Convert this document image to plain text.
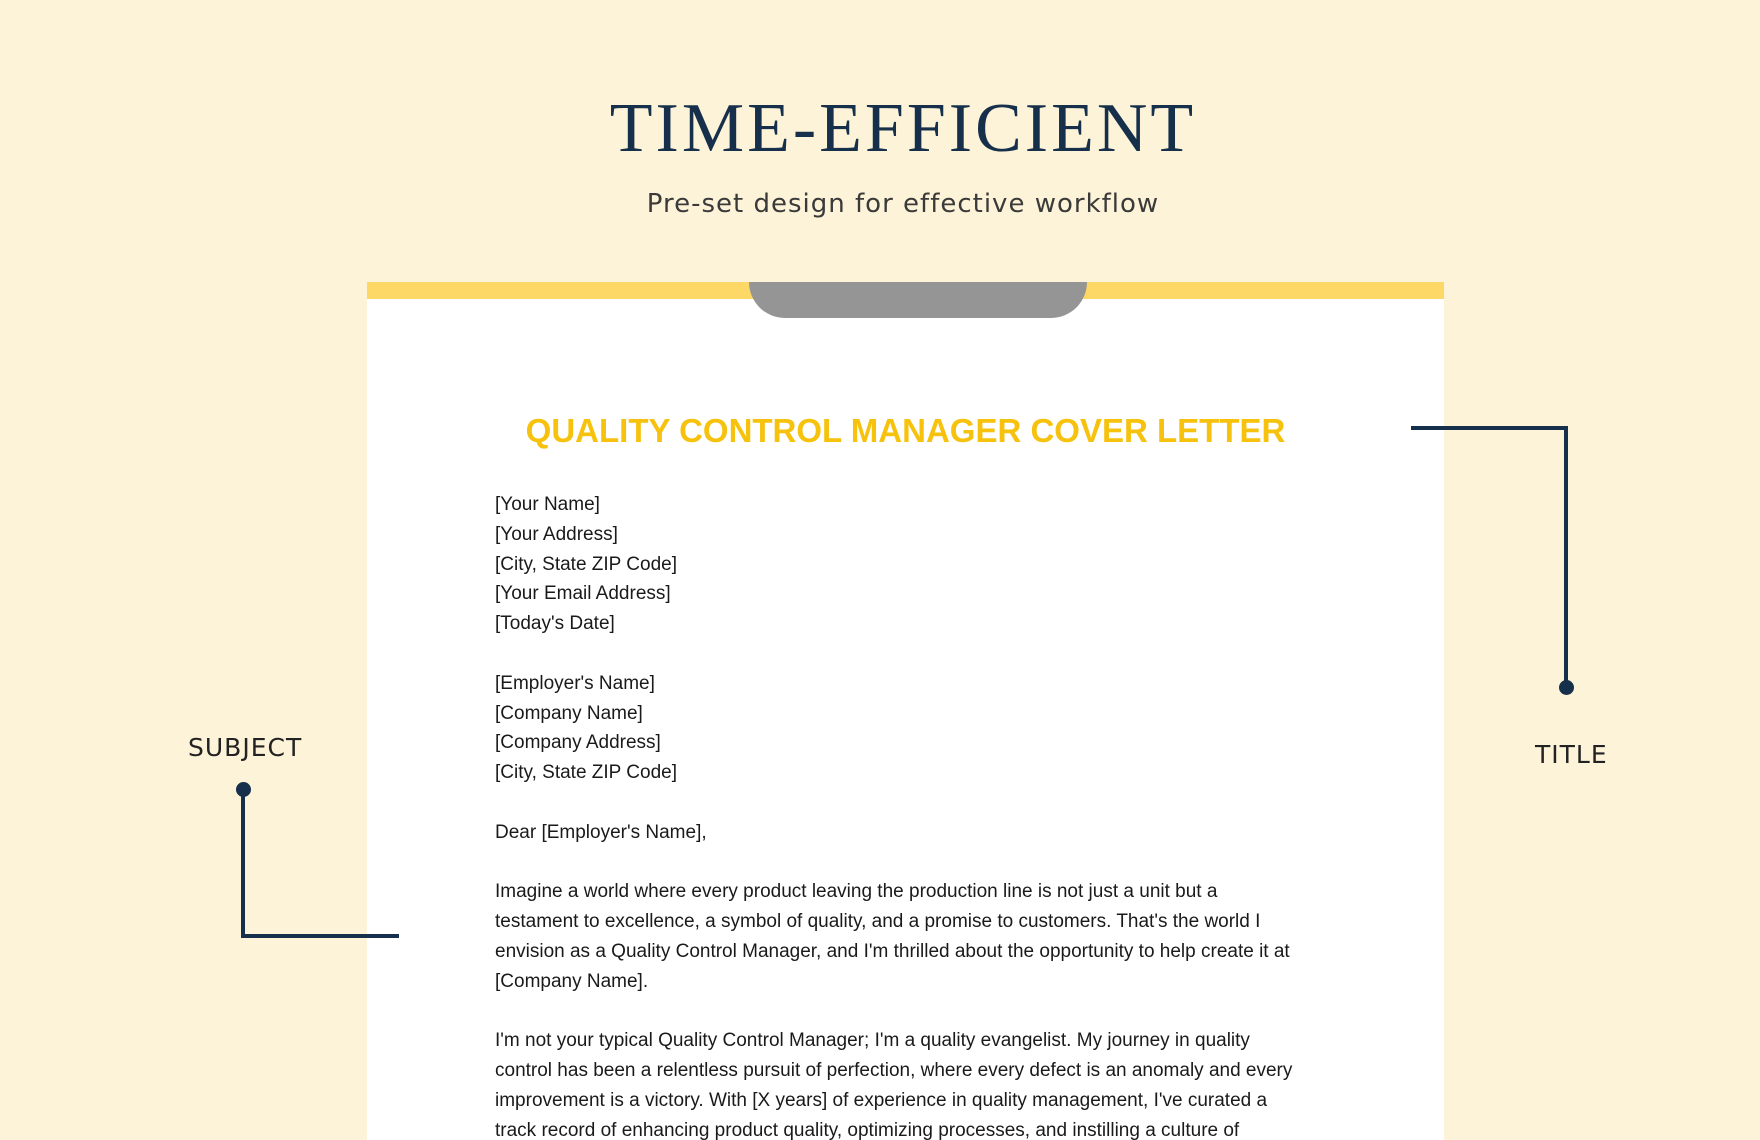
TIME-EFFICIENT
Pre-set design for effective workflow
QUALITY CONTROL MANAGER COVER LETTER
[Your Name]
[Your Address]
[City, State ZIP Code]
[Your Email Address]
[Today's Date]
[Employer's Name]
[Company Name]
[Company Address]
[City, State ZIP Code]
Dear [Employer's Name],

Imagine a world where every product leaving the production line is not just a unit but a
testament to excellence, a symbol of quality, and a promise to customers. That's the world I
envision as a Quality Control Manager, and I'm thrilled about the opportunity to help create it at
[Company Name].

I'm not your typical Quality Control Manager; I'm a quality evangelist. My journey in quality
control has been a relentless pursuit of perfection, where every defect is an anomaly and every
improvement is a victory. With [X years] of experience in quality management, I've curated a
track record of enhancing product quality, optimizing processes, and instilling a culture of

TITLE
SUBJECT
